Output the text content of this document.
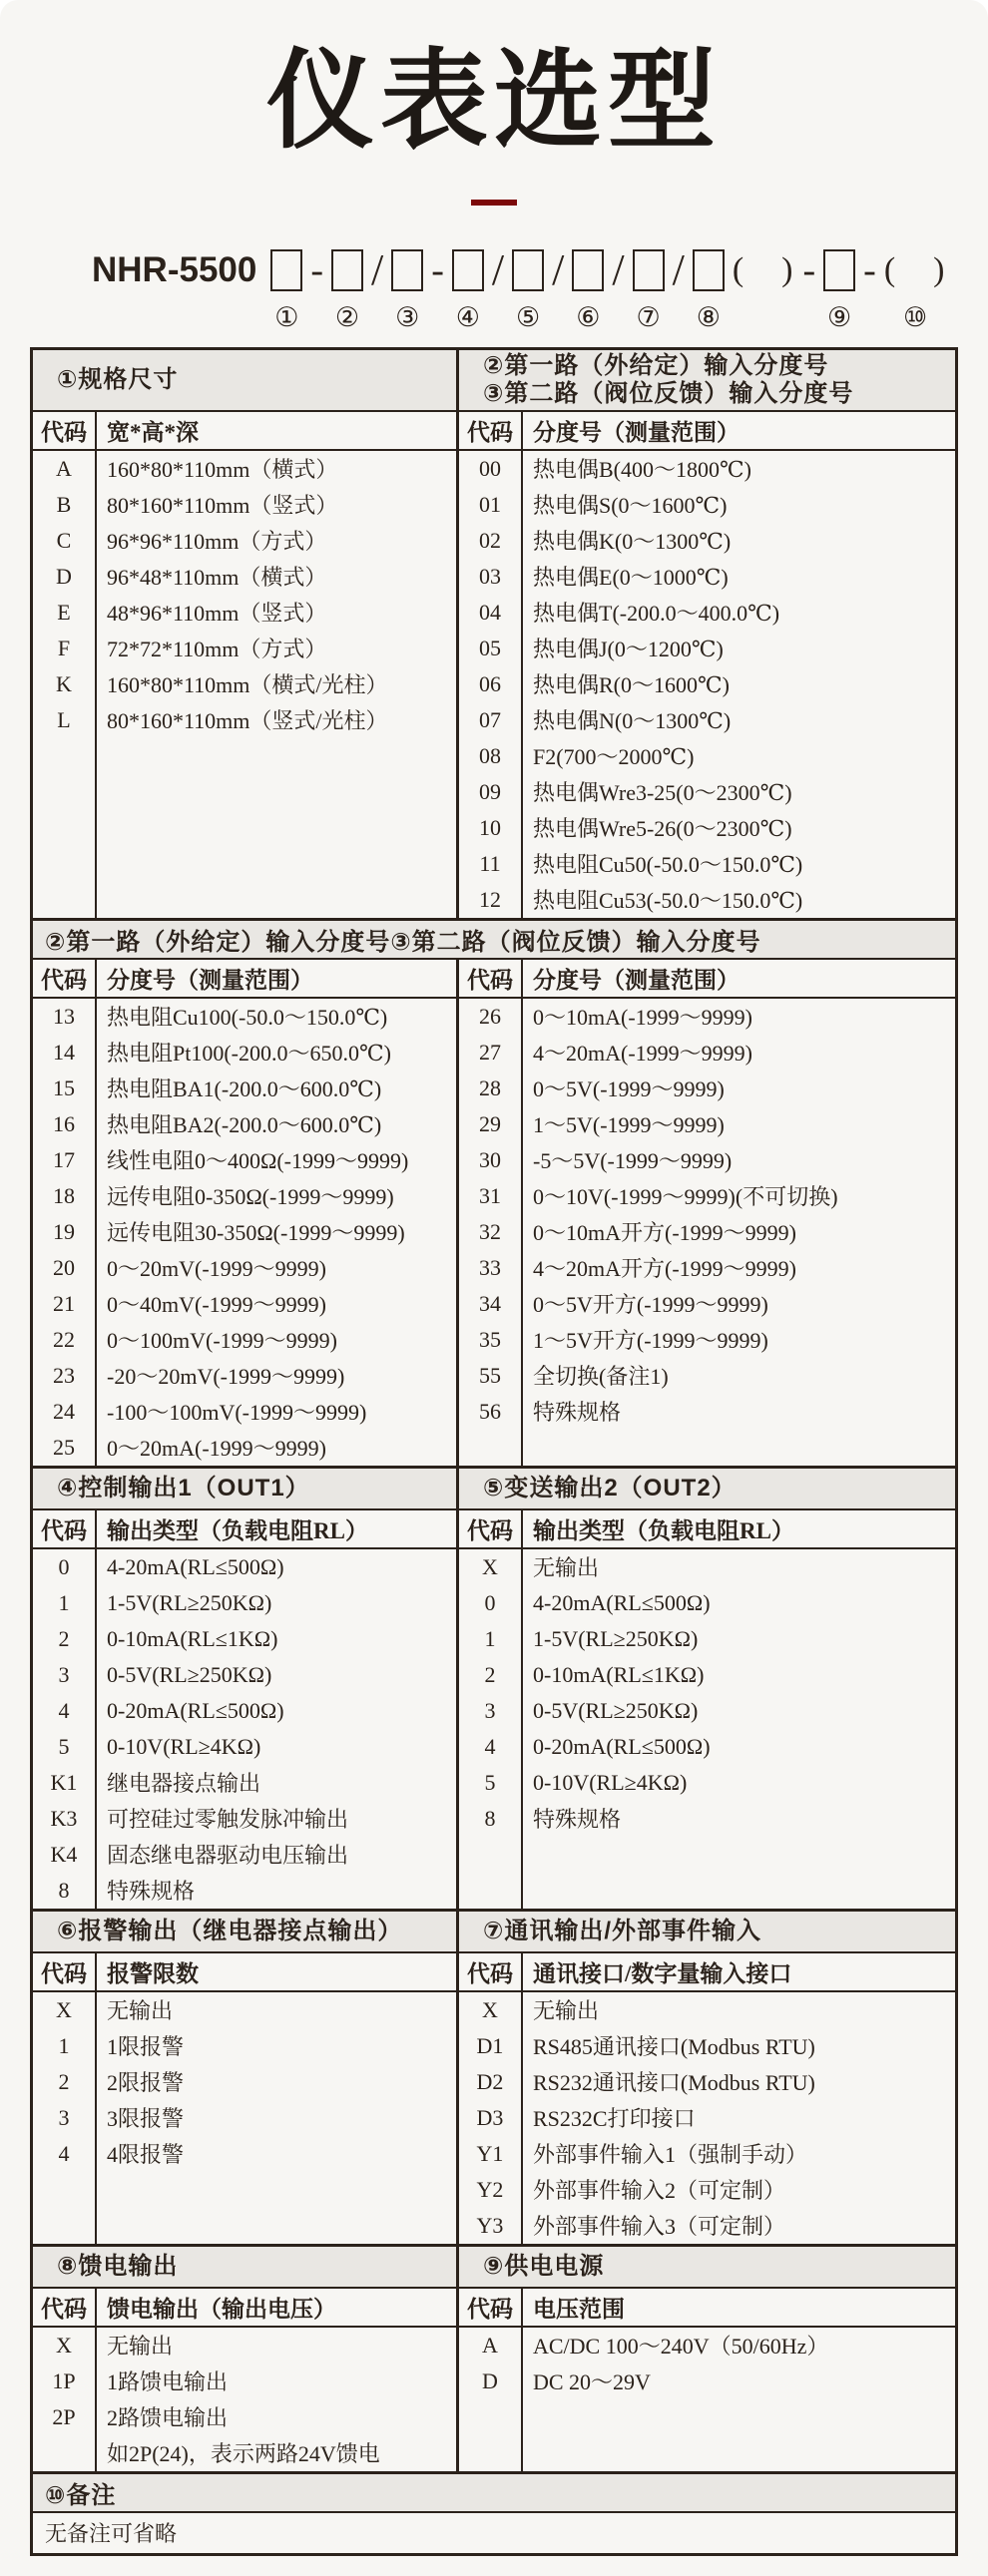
仪表选型
NHR-5500
①
-
②
/
③
-
④
/
⑤
/
⑥
/
⑦
/
⑧
( ) -
⑨
- ( )
⑩
①规格尺寸
代码 宽*高*深
A	160*80*110mm（横式）
B	80*160*110mm（竖式）
C	96*96*110mm（方式）
D	96*48*110mm（横式）
E	48*96*110mm（竖式）
F	72*72*110mm（方式）
K	160*80*110mm（横式/光柱）
L	80*160*110mm（竖式/光柱）
②第一路（外给定）输入分度号
③第二路（阀位反馈）输入分度号
代码 分度号（测量范围）
00	热电偶B(400～1800℃)
01	热电偶S(0～1600℃)
02	热电偶K(0～1300℃)
03	热电偶E(0～1000℃)
04	热电偶T(-200.0～400.0℃)
05	热电偶J(0～1200℃)
06	热电偶R(0～1600℃)
07	热电偶N(0～1300℃)
08	F2(700～2000℃)
09	热电偶Wre3-25(0～2300℃)
10	热电偶Wre5-26(0～2300℃)
11	热电阻Cu50(-50.0～150.0℃)
12	热电阻Cu53(-50.0～150.0℃)
②第一路（外给定）输入分度号③第二路（阀位反馈）输入分度号
代码 分度号（测量范围）
13	热电阻Cu100(-50.0～150.0℃)
14	热电阻Pt100(-200.0～650.0℃)
15	热电阻BA1(-200.0～600.0℃)
16	热电阻BA2(-200.0～600.0℃)
17	线性电阻0～400Ω(-1999～9999)
18	远传电阻0-350Ω(-1999～9999)
19	远传电阻30-350Ω(-1999～9999)
20	0～20mV(-1999～9999)
21	0～40mV(-1999～9999)
22	0～100mV(-1999～9999)
23	-20～20mV(-1999～9999)
24	-100～100mV(-1999～9999)
25	0～20mA(-1999～9999)
代码 分度号（测量范围）
26	0～10mA(-1999～9999)
27	4～20mA(-1999～9999)
28	0～5V(-1999～9999)
29	1～5V(-1999～9999)
30	-5～5V(-1999～9999)
31	0～10V(-1999～9999)(不可切换)
32	0～10mA开方(-1999～9999)
33	4～20mA开方(-1999～9999)
34	0～5V开方(-1999～9999)
35	1～5V开方(-1999～9999)
55	全切换(备注1)
56	特殊规格
④控制输出1（OUT1）
代码 输出类型（负载电阻RL）
0	4-20mA(RL≤500Ω)
1	1-5V(RL≥250KΩ)
2	0-10mA(RL≤1KΩ)
3	0-5V(RL≥250KΩ)
4	0-20mA(RL≤500Ω)
5	0-10V(RL≥4KΩ)
K1	继电器接点输出
K3	可控硅过零触发脉冲输出
K4	固态继电器驱动电压输出
8	特殊规格
⑤变送输出2（OUT2）
代码 输出类型（负载电阻RL）
X	无输出
0	4-20mA(RL≤500Ω)
1	1-5V(RL≥250KΩ)
2	0-10mA(RL≤1KΩ)
3	0-5V(RL≥250KΩ)
4	0-20mA(RL≤500Ω)
5	0-10V(RL≥4KΩ)
8	特殊规格
⑥报警输出（继电器接点输出）
代码 报警限数
X	无输出
1	1限报警
2	2限报警
3	3限报警
4	4限报警
⑦通讯输出/外部事件输入
代码 通讯接口/数字量输入接口
X	无输出
D1	RS485通讯接口(Modbus RTU)
D2	RS232通讯接口(Modbus RTU)
D3	RS232C打印接口
Y1	外部事件输入1（强制手动）
Y2	外部事件输入2（可定制）
Y3	外部事件输入3（可定制）
⑧馈电输出
代码 馈电输出（输出电压）
X	无输出
1P	1路馈电输出
2P	2路馈电输出
如2P(24)，表示两路24V馈电
⑨供电电源
代码 电压范围
A	AC/DC 100～240V（50/60Hz）
D	DC 20～29V
⑩备注
无备注可省略
